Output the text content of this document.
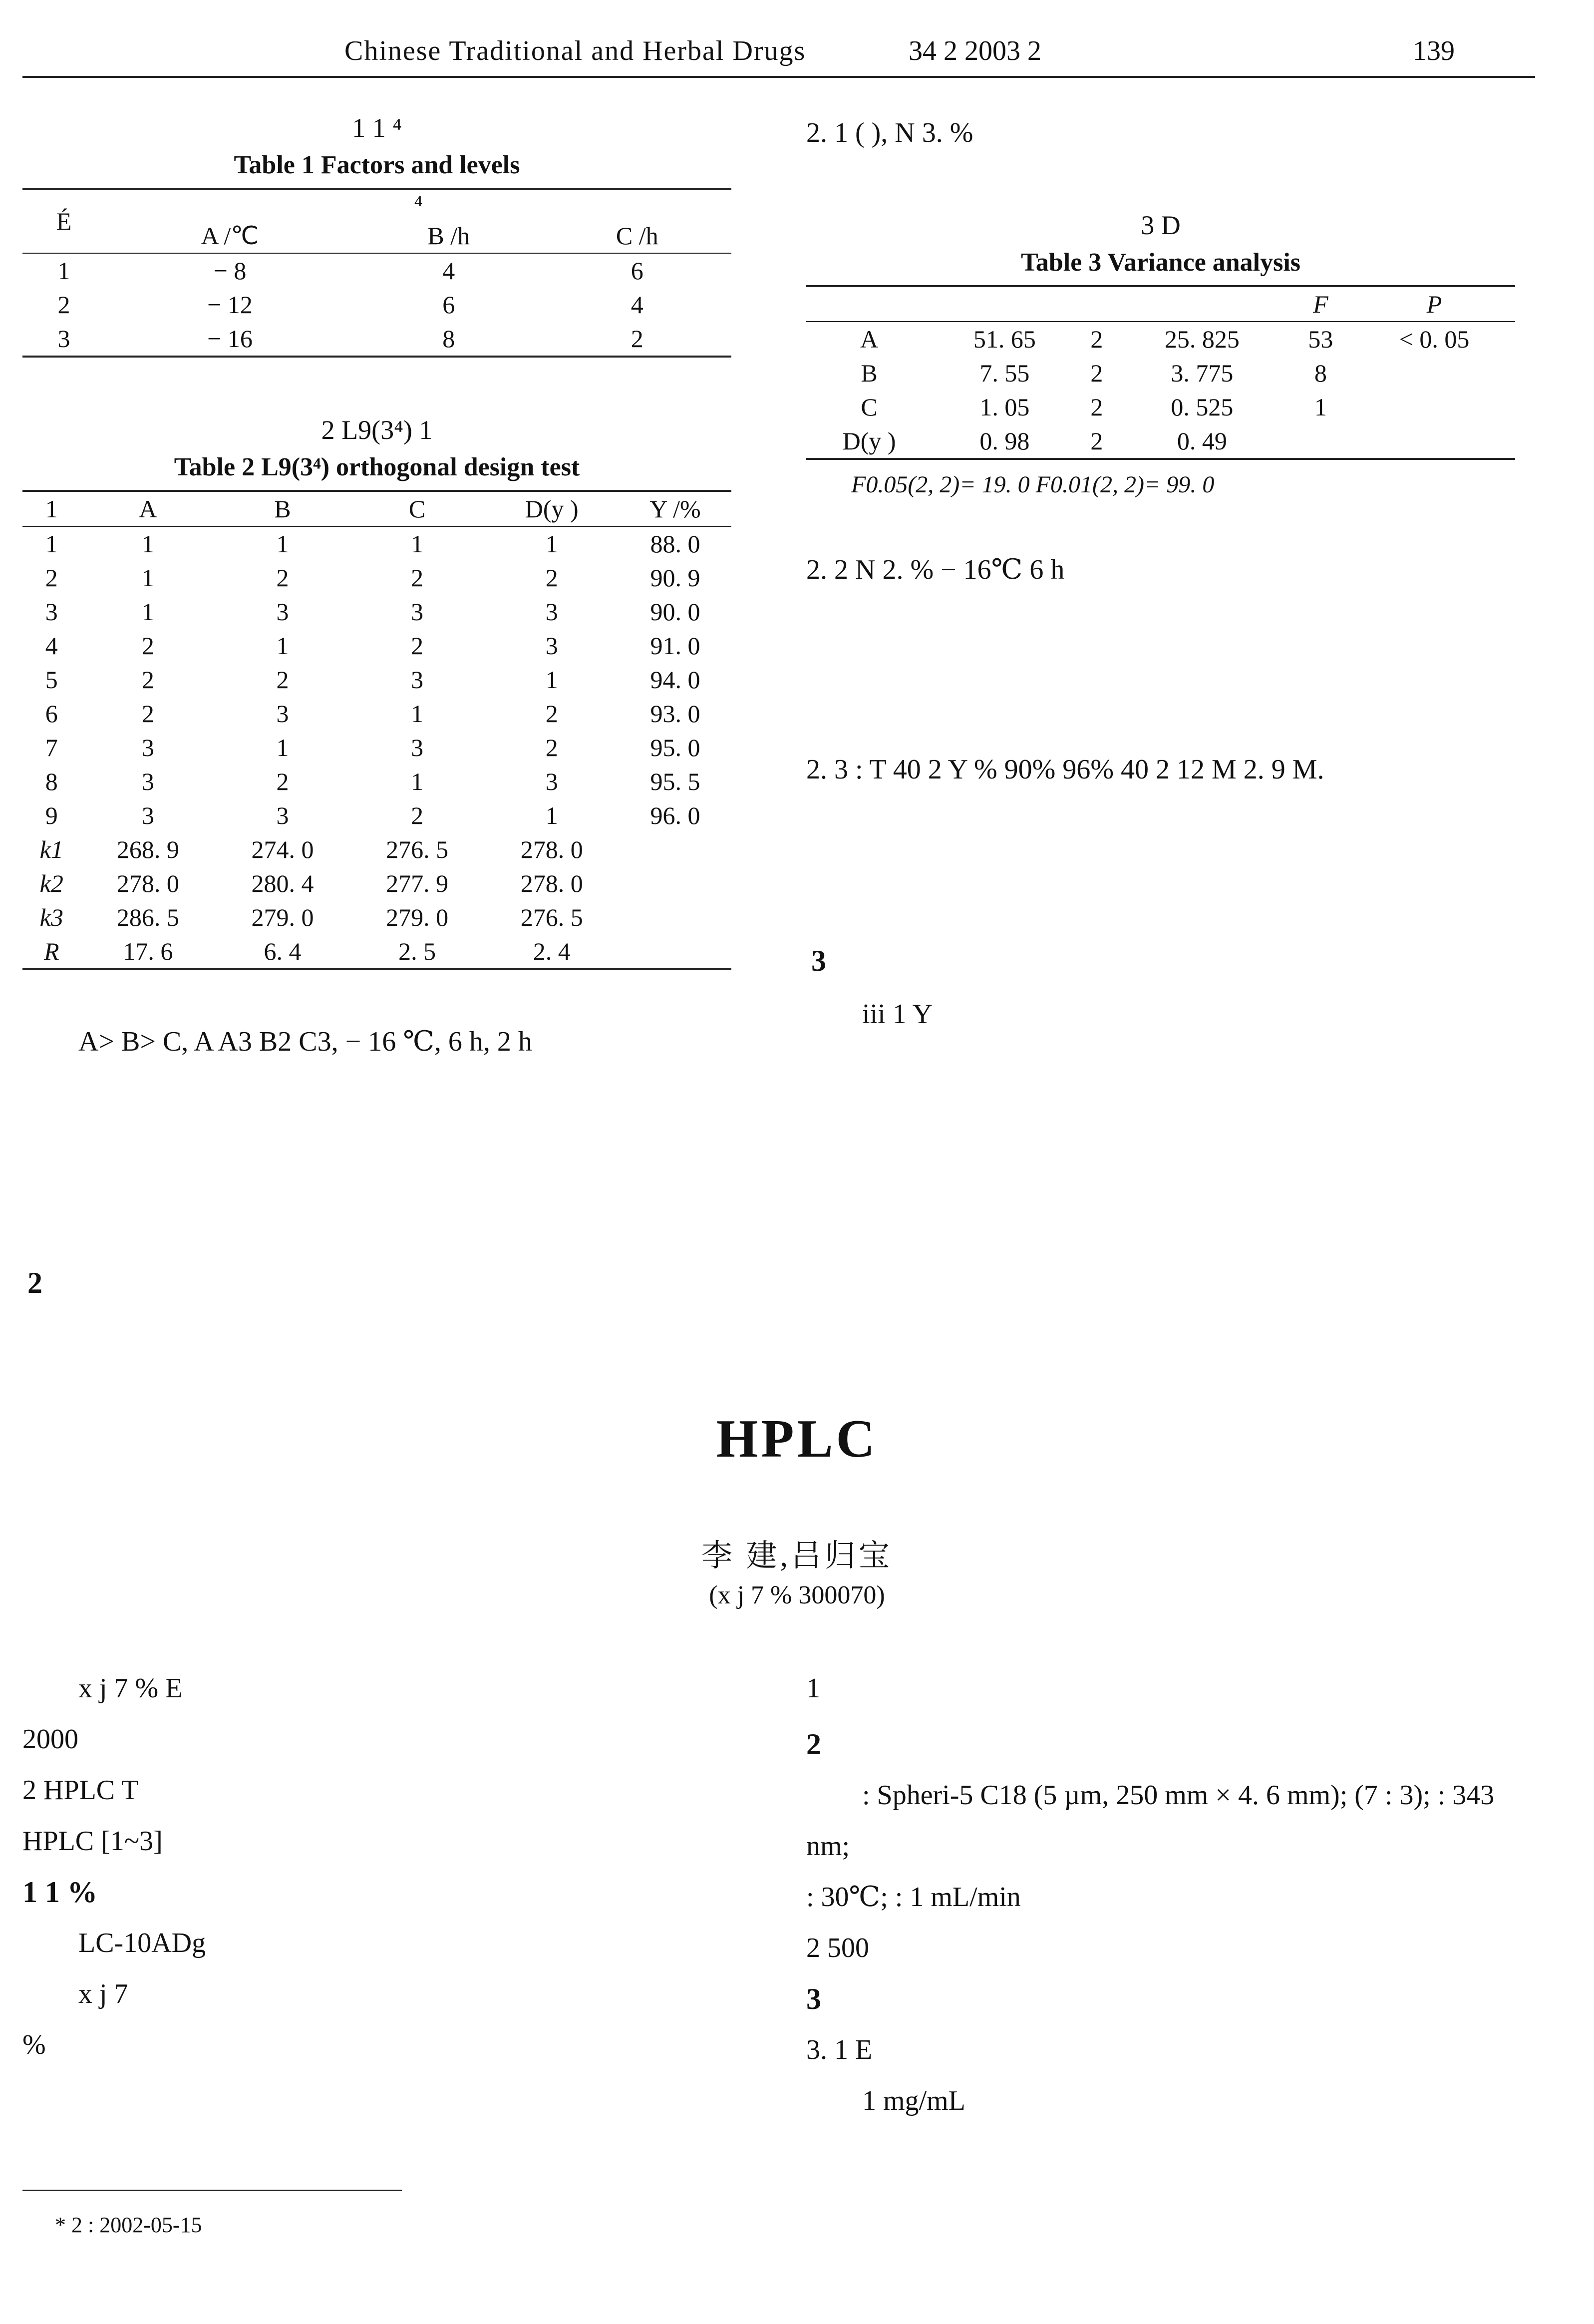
Chinese Traditional and Herbal Drugs	34 2 2003 2	139
1 1 ⁴
Table 1 Factors and levels
É	⁴		
	A /℃	B /h	C /h
1	− 8	4	6
2	− 12	6	4
3	− 16	8	2
2 L9(3⁴) 1
Table 2 L9(3⁴) orthogonal design test
1	A	B	C	D(y )	Y /%
1	1	1	1	1	88. 0
2	1	2	2	2	90. 9
3	1	3	3	3	90. 0
4	2	1	2	3	91. 0
5	2	2	3	1	94. 0
6	2	3	1	2	93. 0
7	3	1	3	2	95. 0
8	3	2	1	3	95. 5
9	3	3	2	1	96. 0
k1	268. 9	274. 0	276. 5	278. 0	
k2	278. 0	280. 4	277. 9	278. 0	
k3	286. 5	279. 0	279. 0	276. 5	
R	17. 6	6. 4	2. 5	2. 4	

A> B> C, A A3 B2 C3, − 16 ℃, 6 h, 2 h

2

2. 1 ( ), N 3. %

3 D
Table 3 Variance analysis
				F	P
A	51. 65	2	25. 825	53	< 0. 05
B	7. 55	2	3. 775	8	
C	1. 05	2	0. 525	1	
D(y )	0. 98	2	0. 49		
F0.05(2, 2)= 19. 0 F0.01(2, 2)= 99. 0

2. 2 N 2. % − 16℃ 6 h

2. 3 : T 40 2 Y % 90% 96% 40 2 12 M 2. 9 M.

3

iii 1 Y

HPLC
李 建,吕归宝
(x j 7 % 300070)

x j 7 % E

2000

2 HPLC T

HPLC [1~3]

1 1 %

LC-10ADg

x j 7

%

1

2

: Spheri-5 C18 (5 µm, 250 mm × 4. 6 mm); (7 : 3); : 343 nm;

: 30℃; : 1 mL/min

2 500

3

3. 1 E

1 mg/mL

* 2 : 2002-05-15
